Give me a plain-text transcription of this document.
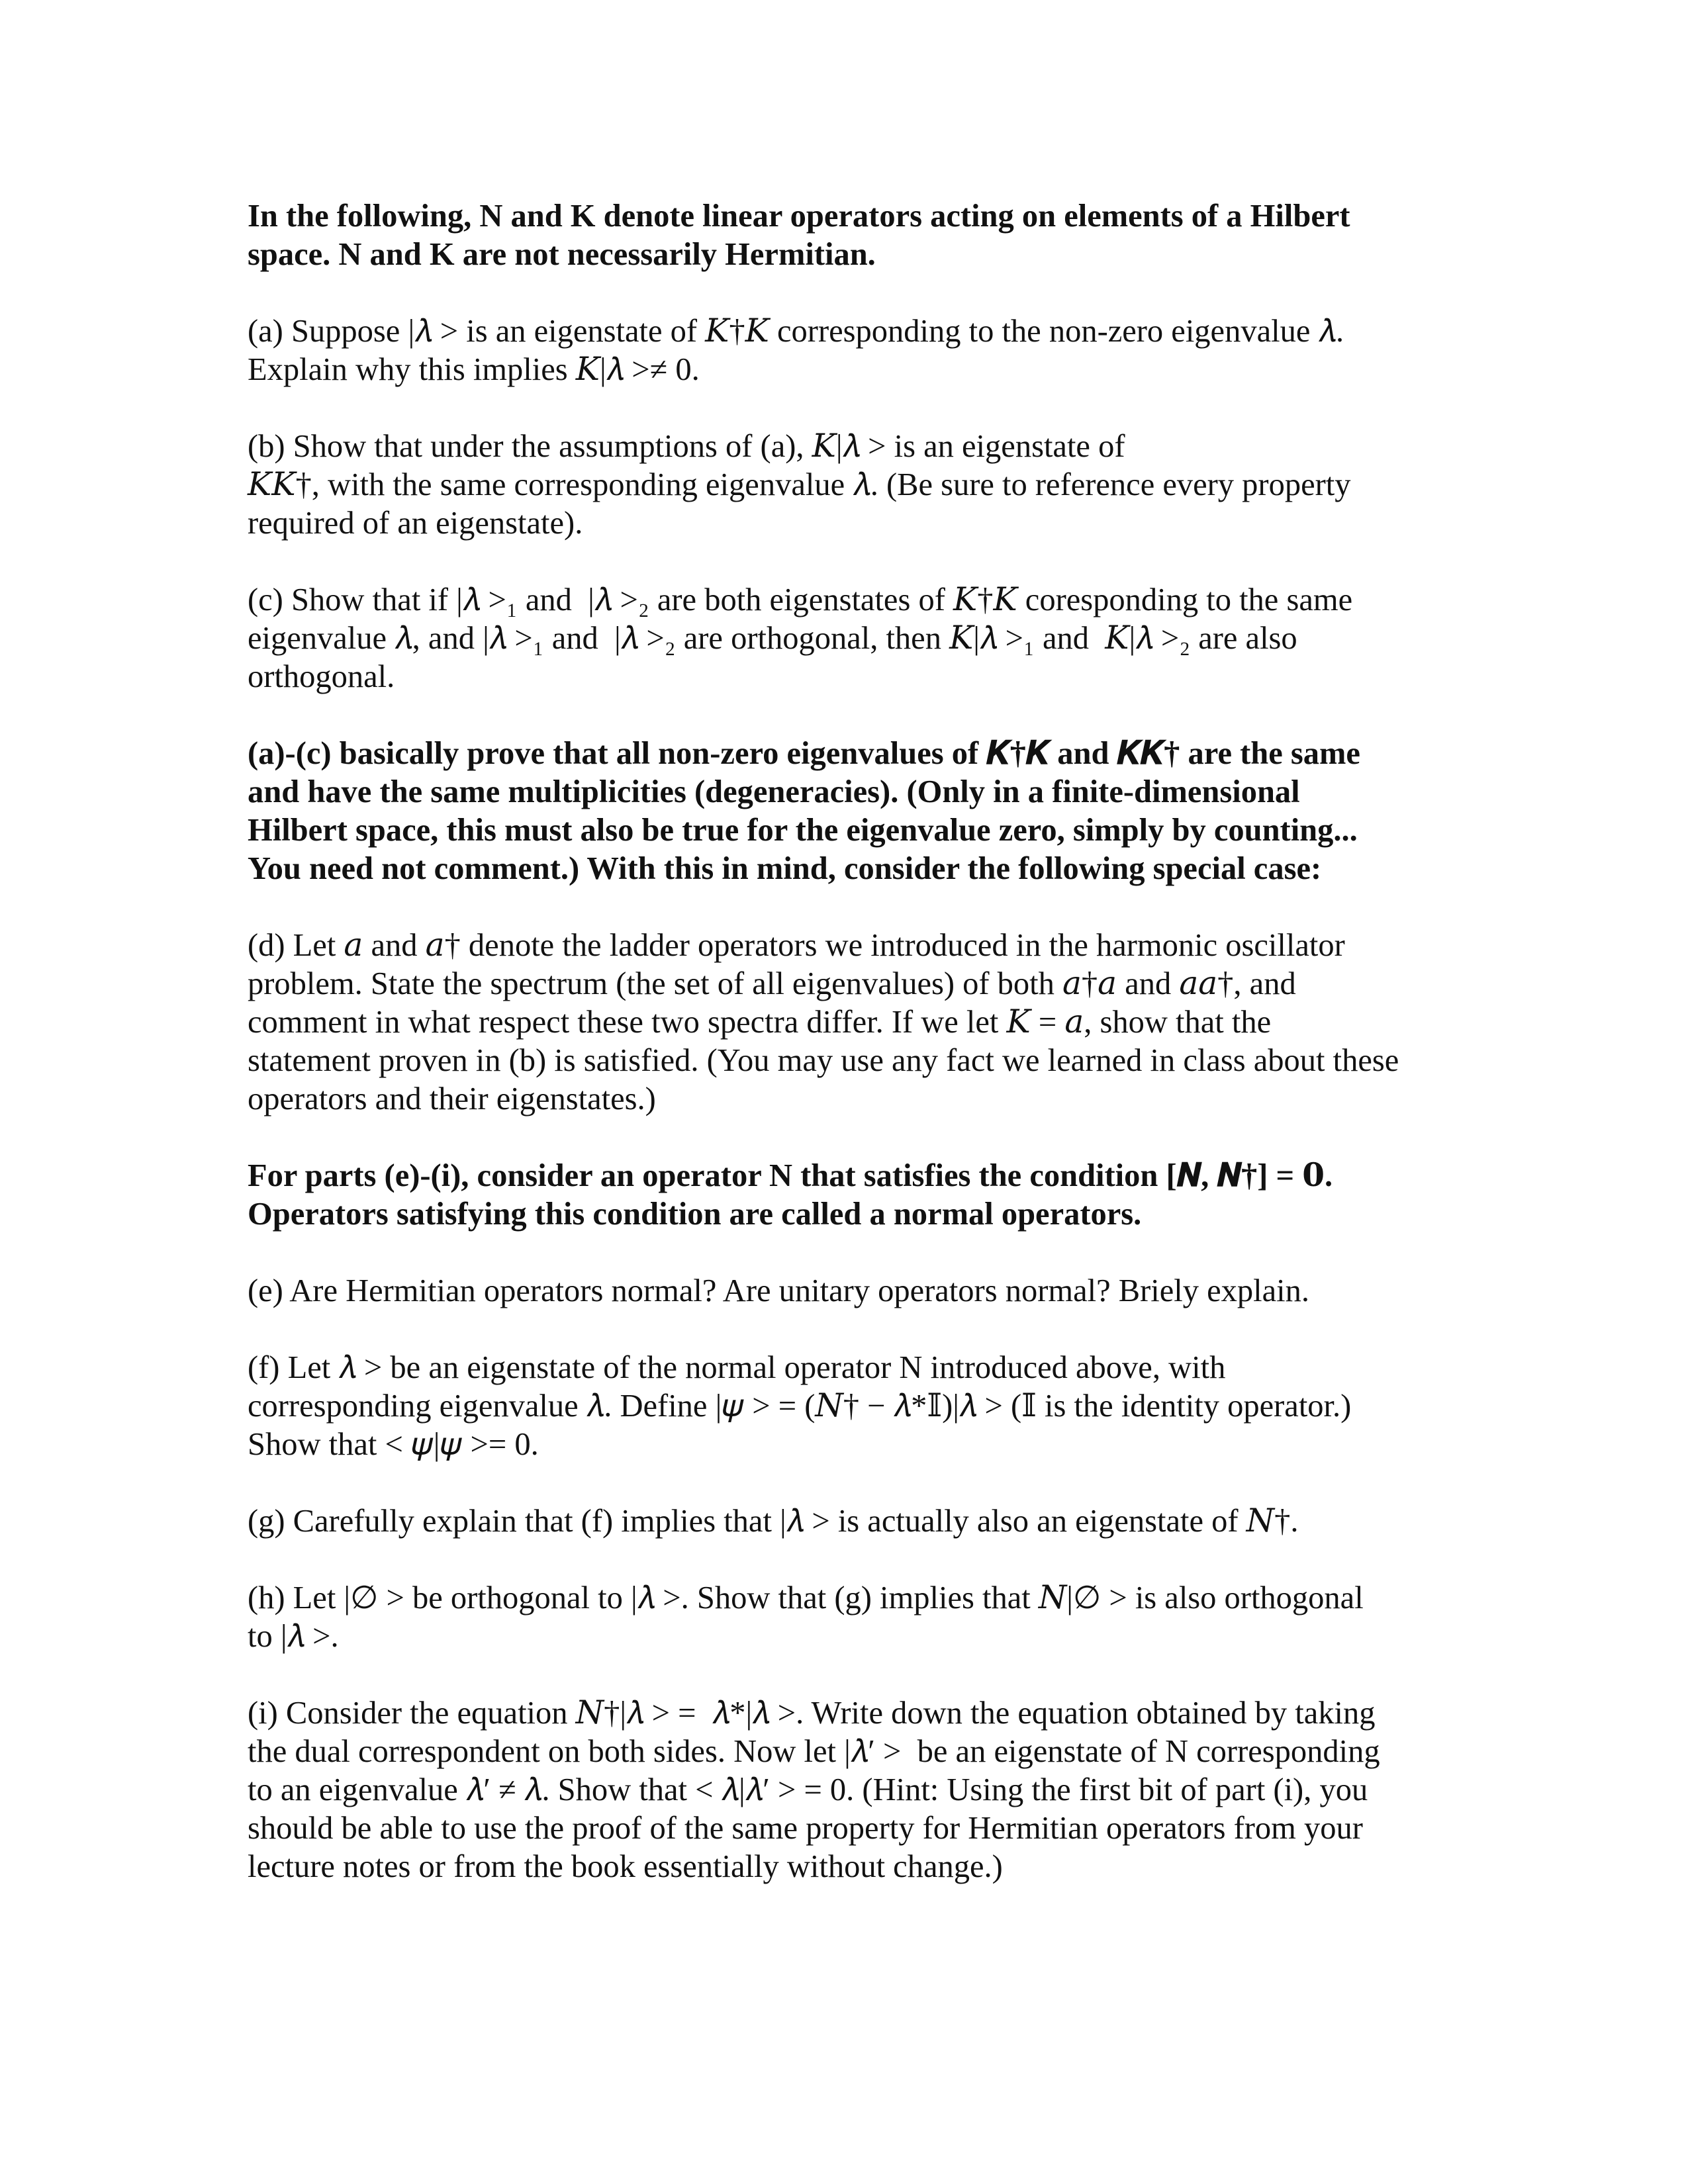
In the following, N and K denote linear operators acting on elements of a Hilbert
space. N and K are not necessarily Hermitian.

(a) Suppose |𝜆 > is an eigenstate of 𝐾†𝐾 corresponding to the non-zero eigenvalue 𝜆.
Explain why this implies 𝐾|𝜆 >≠ 0.

(b) Show that under the assumptions of (a), 𝐾|𝜆 > is an eigenstate of
𝐾𝐾†, with the same corresponding eigenvalue 𝜆. (Be sure to reference every property
required of an eigenstate).

(c) Show that if |𝜆 >₁ and  |𝜆 >₂ are both eigenstates of 𝐾†𝐾 coresponding to the same
eigenvalue 𝜆, and |𝜆 >₁ and  |𝜆 >₂ are orthogonal, then 𝐾|𝜆 >₁ and  𝐾|𝜆 >₂ are also
orthogonal.

(a)-(c) basically prove that all non-zero eigenvalues of 𝑲†𝑲 and 𝑲𝑲† are the same
and have the same multiplicities (degeneracies). (Only in a finite-dimensional
Hilbert space, this must also be true for the eigenvalue zero, simply by counting...
You need not comment.) With this in mind, consider the following special case:

(d) Let 𝑎 and 𝑎† denote the ladder operators we introduced in the harmonic oscillator
problem. State the spectrum (the set of all eigenvalues) of both 𝑎†𝑎 and 𝑎𝑎†, and
comment in what respect these two spectra differ. If we let 𝐾 = 𝑎, show that the
statement proven in (b) is satisfied. (You may use any fact we learned in class about these
operators and their eigenstates.)

For parts (e)-(i), consider an operator N that satisfies the condition [𝑵, 𝑵†] = 𝟎.
Operators satisfying this condition are called a normal operators.

(e) Are Hermitian operators normal? Are unitary operators normal? Briely explain.

(f) Let 𝜆 > be an eigenstate of the normal operator N introduced above, with
corresponding eigenvalue 𝜆. Define |𝜓 > = (𝑁† − 𝜆*𝕀)|𝜆 > (𝕀 is the identity operator.)
Show that < 𝜓|𝜓 >= 0.

(g) Carefully explain that (f) implies that |𝜆 > is actually also an eigenstate of 𝑁†.

(h) Let |∅ > be orthogonal to |𝜆 >. Show that (g) implies that 𝑁|∅ > is also orthogonal
to |𝜆 >.

(i) Consider the equation 𝑁†|𝜆 > =  𝜆*|𝜆 >. Write down the equation obtained by taking
the dual correspondent on both sides. Now let |𝜆′ >  be an eigenstate of N corresponding
to an eigenvalue 𝜆′ ≠ 𝜆. Show that < 𝜆|𝜆′ > = 0. (Hint: Using the first bit of part (i), you
should be able to use the proof of the same property for Hermitian operators from your
lecture notes or from the book essentially without change.)
